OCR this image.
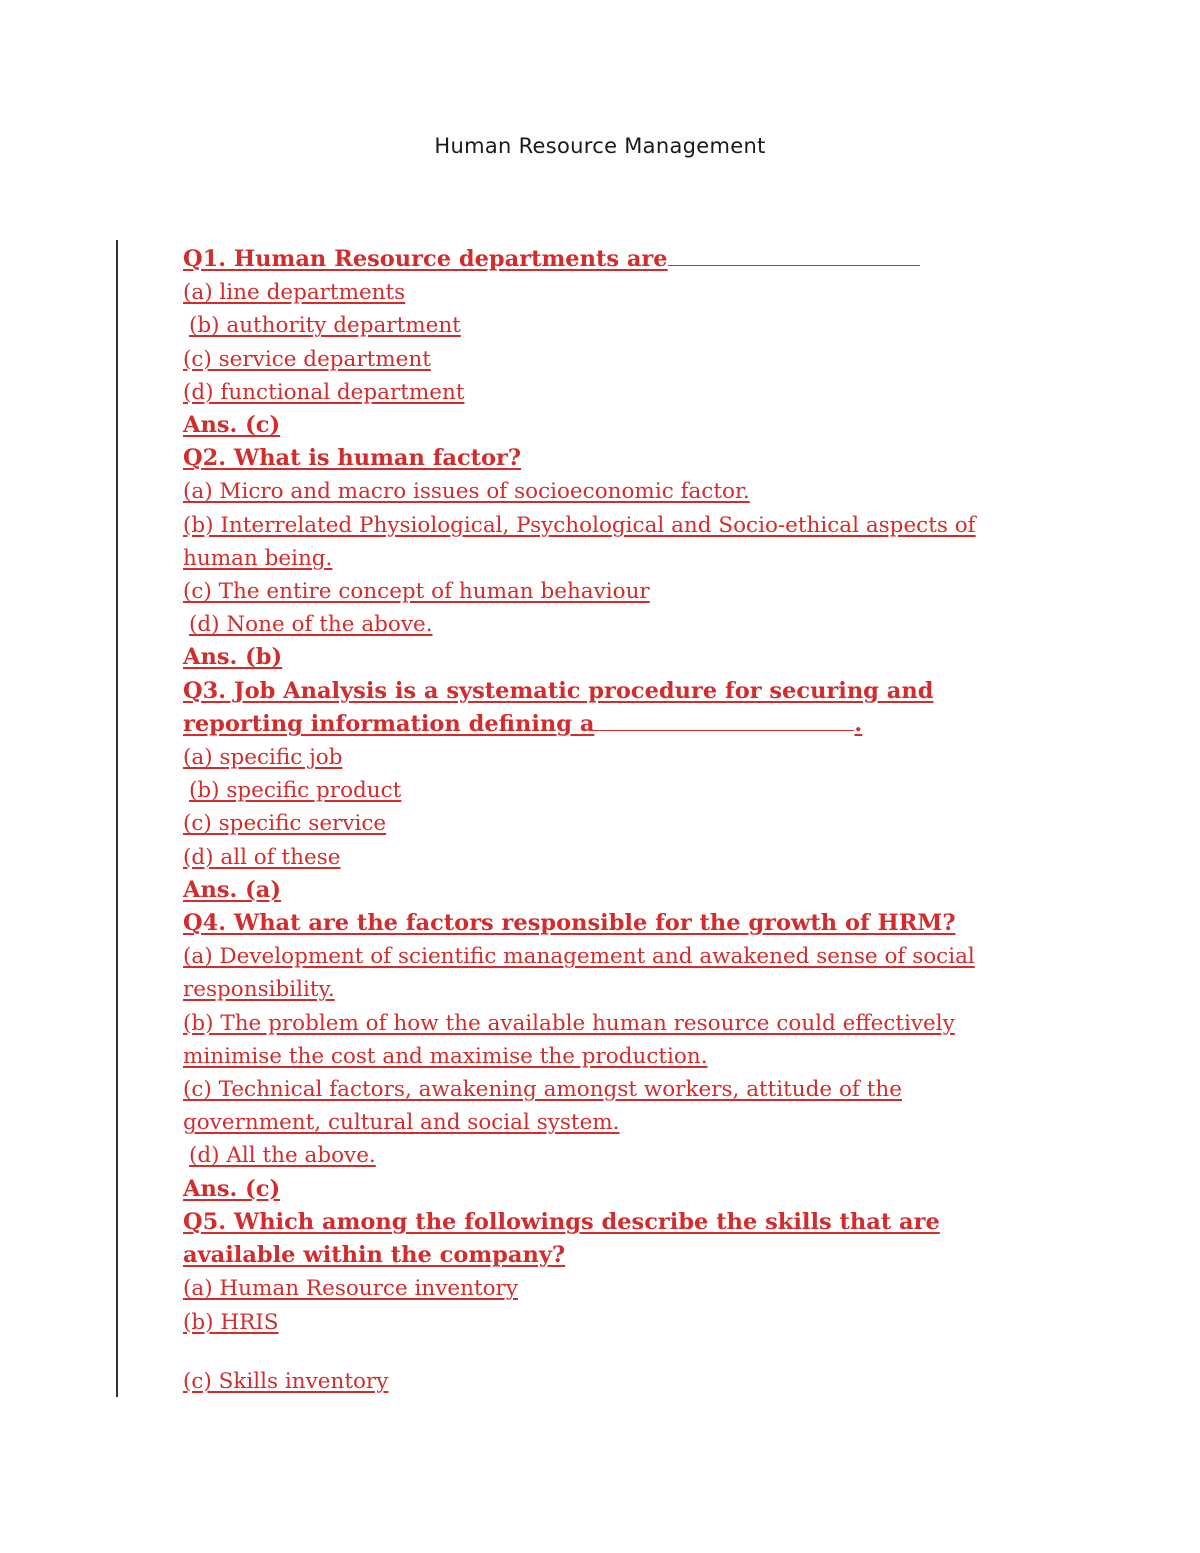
Human Resource Management
Q1. Human Resource departments are
(a) line departments
(b) authority department
(c) service department
(d) functional department
Ans. (c)
Q2. What is human factor?
(a) Micro and macro issues of socioeconomic factor.
(b) Interrelated Physiological, Psychological and Socio-ethical aspects of
human being.
(c) The entire concept of human behaviour
(d) None of the above.
Ans. (b)
Q3. Job Analysis is a systematic procedure for securing and
reporting information defining a	.
(a) specific job
(b) specific product
(c) specific service
(d) all of these
Ans. (a)
Q4. What are the factors responsible for the growth of HRM?
(a) Development of scientific management and awakened sense of social
responsibility.
(b) The problem of how the available human resource could effectively
minimise the cost and maximise the production.
(c) Technical factors, awakening amongst workers, attitude of the
government, cultural and social system.
(d) All the above.
Ans. (c)
Q5. Which among the followings describe the skills that are
available within the company?
(a) Human Resource inventory
(b) HRIS
(c) Skills inventory
